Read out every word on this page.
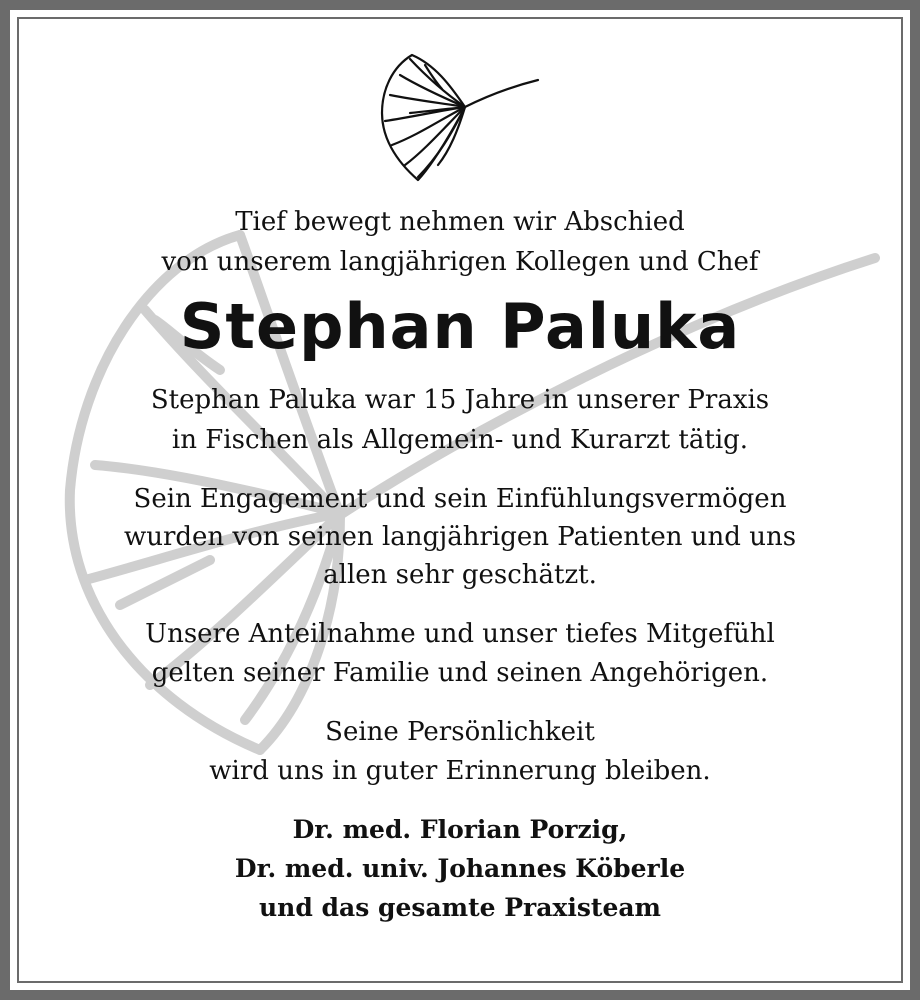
Tief bewegt nehmen wir Abschied
von unserem langjährigen Kollegen und Chef
Stephan Paluka
Stephan Paluka war 15 Jahre in unserer Praxis
in Fischen als Allgemein- und Kurarzt tätig.
Sein Engagement und sein Einfühlungsvermögen
wurden von seinen langjährigen Patienten und uns
allen sehr geschätzt.
Unsere Anteilnahme und unser tiefes Mitgefühl
gelten seiner Familie und seinen Angehörigen.
Seine Persönlichkeit
wird uns in guter Erinnerung bleiben.
Dr. med. Florian Porzig,
Dr. med. univ. Johannes Köberle
und das gesamte Praxisteam
